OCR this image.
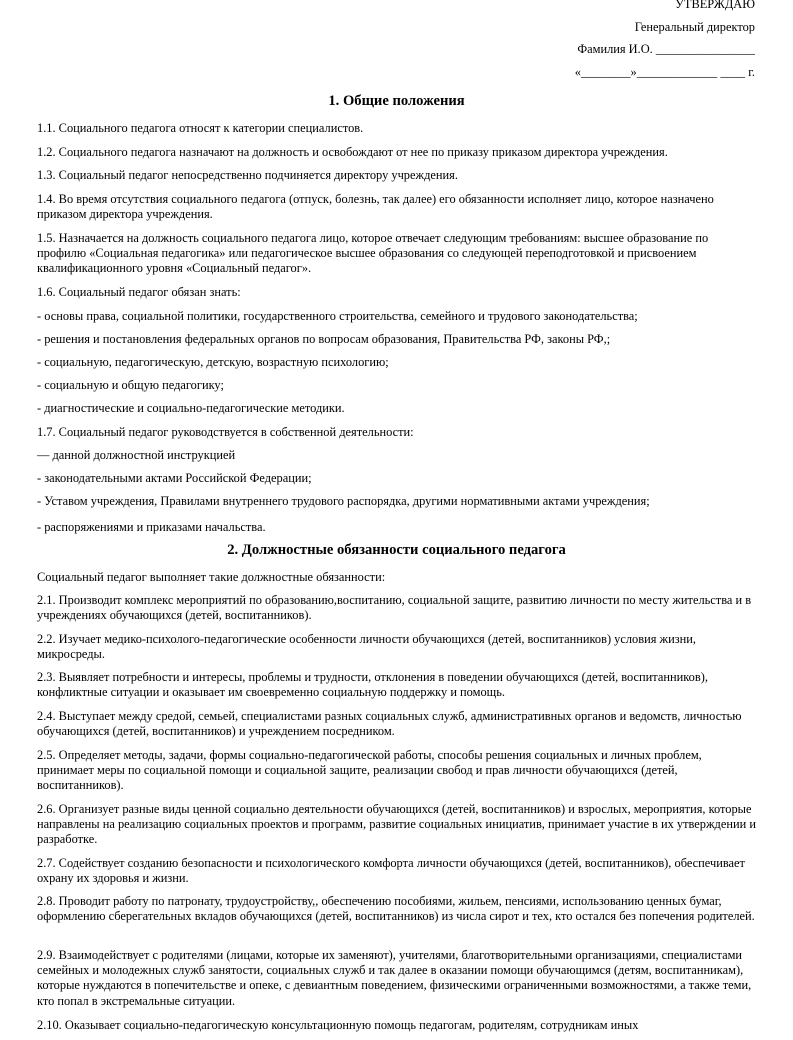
УТВЕРЖДАЮ
Генеральный директор
Фамилия И.О. ________________
«________»_____________ ____ г.
1. Общие положения

1.1. Социального педагога относят к категории специалистов.

1.2. Социального педагога назначают на должность и освобождают от нее по приказу приказом директора учреждения.

1.3. Социальный педагог непосредственно подчиняется директору учреждения.

1.4. Во время отсутствия социального педагога (отпуск, болезнь, так далее) его обязанности исполняет лицо, которое назначено приказом директора учреждения.

1.5. Назначается на должность социального педагога лицо, которое отвечает следующим требованиям: высшее образование по профилю «Социальная педагогика» или педагогическое высшее образования со следующей переподготовкой и присвоением квалификационного уровня «Социальный педагог».

1.6. Социальный педагог обязан знать:

- основы права, социальной политики, государственного строительства, семейного и трудового законодательства;

- решения и постановления федеральных органов по вопросам образования, Правительства РФ, законы РФ,;

- социальную, педагогическую, детскую, возрастную психологию;

- социальную и общую педагогику;

- диагностические и социально-педагогические методики.

1.7. Социальный педагог руководствуется в собственной деятельности:

— данной должностной инструкцией

- законодательными актами Российской Федерации;

- Уставом учреждения, Правилами внутреннего трудового распорядка, другими нормативными актами учреждения;

- распоряжениями и приказами начальства.

2. Должностные обязанности социального педагога

Социальный педагог выполняет такие должностные обязанности:

2.1. Производит комплекс мероприятий по образованию,воспитанию, социальной защите, развитию личности по месту жительства и в учреждениях обучающихся (детей, воспитанников).

2.2. Изучает медико-психолого-педагогические особенности личности обучающихся (детей, воспитанников) условия жизни, микросреды.

2.3. Выявляет потребности и интересы, проблемы и трудности, отклонения в поведении обучающихся (детей, воспитанников), конфликтные ситуации и оказывает им своевременно социальную поддержку и помощь.

2.4. Выступает между средой, семьей, специалистами разных социальных служб, административных органов и ведомств, личностью обучающихся (детей, воспитанников) и учреждением посредником.

2.5. Определяет методы, задачи, формы социально-педагогической работы, способы решения социальных и личных проблем, принимает меры по социальной помощи и социальной защите, реализации свобод и прав личности обучающихся (детей, воспитанников).

2.6. Организует разные виды ценной социально деятельности обучающихся (детей, воспитанников) и взрослых, мероприятия, которые направлены на реализацию социальных проектов и программ, развитие социальных инициатив, принимает участие в их утверждении и разработке.

2.7. Содействует созданию безопасности и психологического комфорта личности обучающихся (детей, воспитанников), обеспечивает охрану их здоровья и жизни.

2.8. Проводит работу по патронату, трудоустройству,, обеспечению пособиями, жильем, пенсиями, использованию ценных бумаг, оформлению сберегательных вкладов обучающихся (детей, воспитанников) из числа сирот и тех, кто остался без попечения родителей.

2.9. Взаимодействует с родителями (лицами, которые их заменяют), учителями, благотворительными организациями, специалистами семейных и молодежных служб занятости, социальных служб и так далее в оказании помощи обучающимся (детям, воспитанникам), которые нуждаются в попечительстве и опеке, с девиантным поведением, физическими ограниченными возможностями, а также теми, кто попал в экстремальные ситуации.

2.10. Оказывает социально-педагогическую консультационную помощь педагогам, родителям, сотрудникам иных
